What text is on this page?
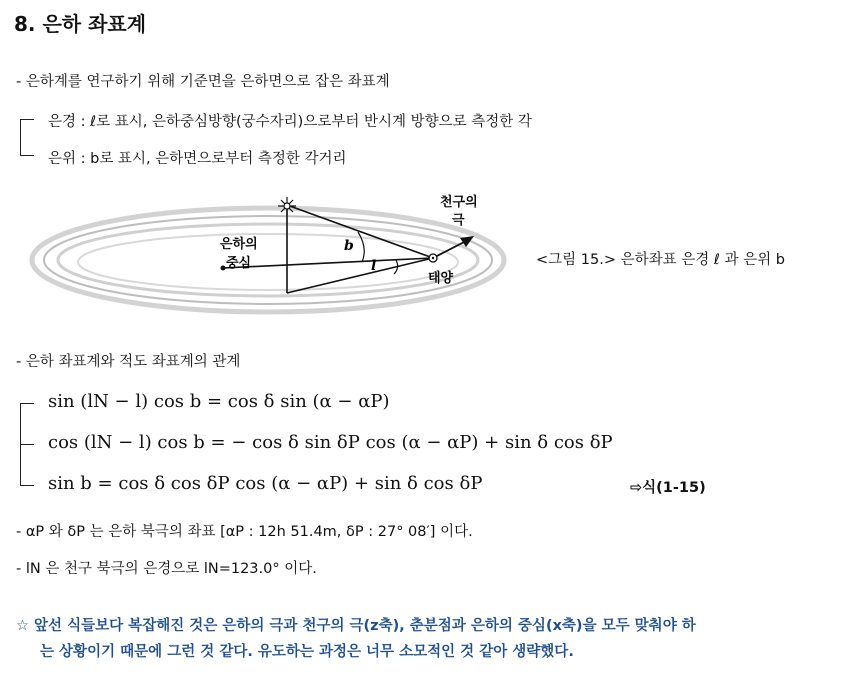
8. 은하 좌표계
- 은하계를 연구하기 위해 기준면을 은하면으로 잡은 좌표계
은경 : ℓ로 표시, 은하중심방향(궁수자리)으로부터 반시계 방향으로 측정한 각
은위 : b로 표시, 은하면으로부터 측정한 각거리
은하의
중심
천구의
극
태양
b
l	<그림 15.> 은하좌표 은경 ℓ 과 은위 b
- 은하 좌표계와 적도 좌표계의 관계
sin (lN − l) cos b = cos δ sin (α − αP)
cos (lN − l) cos b = − cos δ sin δP cos (α − αP) + sin δ cos δP
sin b = cos δ cos δP cos (α − αP) + sin δ cos δP	⇨식(1-15)
- αP 와 δP 는 은하 북극의 좌표 [αP : 12h 51.4m, δP : 27° 08′] 이다.
- lN 은 천구 북극의 은경으로 lN=123.0° 이다.
☆ 앞선 식들보다 복잡해진 것은 은하의 극과 천구의 극(z축), 춘분점과 은하의 중심(x축)을 모두 맞춰야 하
는 상황이기 때문에 그런 것 같다. 유도하는 과정은 너무 소모적인 것 같아 생략했다.
